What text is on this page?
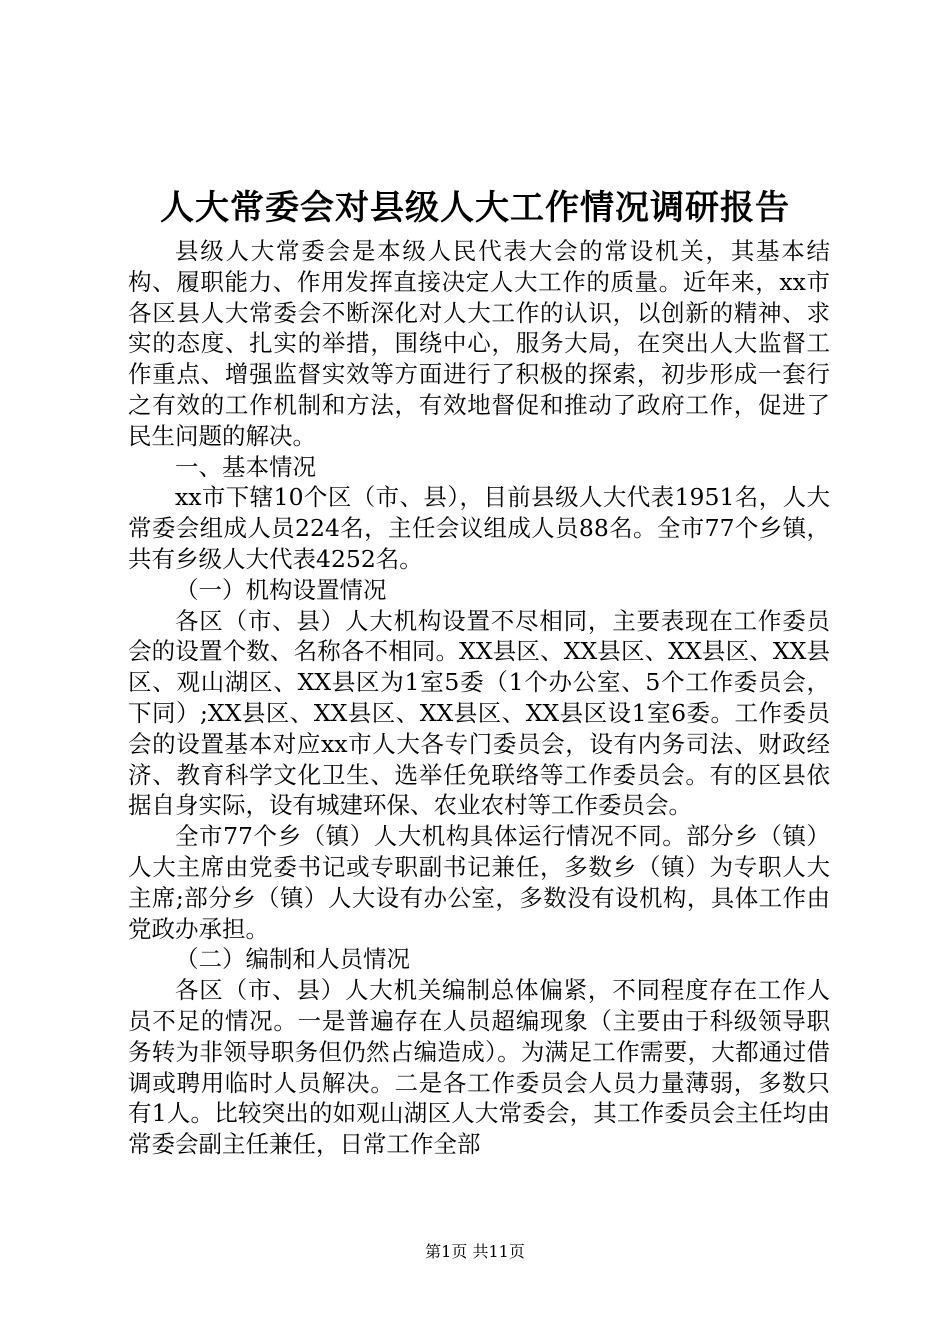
人大常委会对县级人大工作情况调研报告

县级人大常委会是本级人民代表大会的常设机关，其基本结构、履职能力、作用发挥直接决定人大工作的质量。近年来，xx市各区县人大常委会不断深化对人大工作的认识，以创新的精神、求实的态度、扎实的举措，围绕中心，服务大局，在突出人大监督工作重点、增强监督实效等方面进行了积极的探索，初步形成一套行之有效的工作机制和方法，有效地督促和推动了政府工作，促进了民生问题的解决。

一、基本情况

xx市下辖10个区（市、县），目前县级人大代表1951名，人大常委会组成人员224名，主任会议组成人员88名。全市77个乡镇，共有乡级人大代表4252名。

（一）机构设置情况

各区（市、县）人大机构设置不尽相同，主要表现在工作委员会的设置个数、名称各不相同。XX县区、XX县区、XX县区、XX县区、观山湖区、XX县区为1室5委（1个办公室、5个工作委员会，下同）;XX县区、XX县区、XX县区、XX县区设1室6委。工作委员会的设置基本对应xx市人大各专门委员会，设有内务司法、财政经济、教育科学文化卫生、选举任免联络等工作委员会。有的区县依据自身实际，设有城建环保、农业农村等工作委员会。

全市77个乡（镇）人大机构具体运行情况不同。部分乡（镇）人大主席由党委书记或专职副书记兼任，多数乡（镇）为专职人大主席;部分乡（镇）人大设有办公室，多数没有设机构，具体工作由党政办承担。

（二）编制和人员情况

各区（市、县）人大机关编制总体偏紧，不同程度存在工作人员不足的情况。一是普遍存在人员超编现象（主要由于科级领导职务转为非领导职务但仍然占编造成）。为满足工作需要，大都通过借调或聘用临时人员解决。二是各工作委员会人员力量薄弱，多数只有1人。比较突出的如观山湖区人大常委会，其工作委员会主任均由常委会副主任兼任，日常工作全部

第1页 共11页
